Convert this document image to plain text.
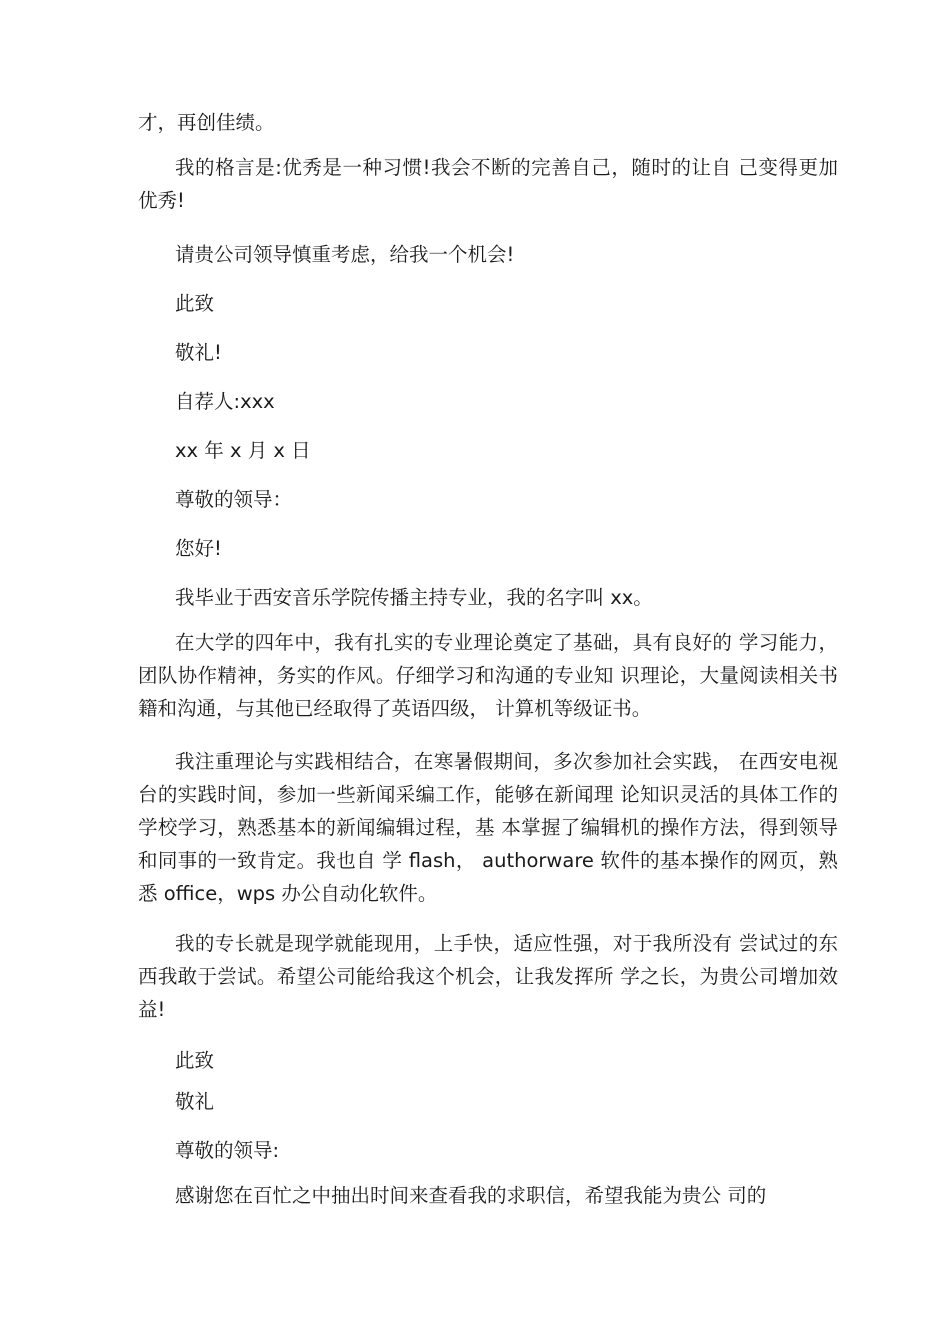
才，再创佳绩。

我的格言是:优秀是一种习惯!我会不断的完善自己，随时的让自 己变得更加优秀!

请贵公司领导慎重考虑，给我一个机会!

此致

敬礼!

自荐人:xxx

xx 年 x 月 x 日

尊敬的领导：

您好!

我毕业于西安音乐学院传播主持专业，我的名字叫 xx。

在大学的四年中，我有扎实的专业理论奠定了基础，具有良好的 学习能力，团队协作精神，务实的作风。仔细学习和沟通的专业知 识理论，大量阅读相关书籍和沟通，与其他已经取得了英语四级， 计算机等级证书。

我注重理论与实践相结合，在寒暑假期间，多次参加社会实践， 在西安电视台的实践时间，参加一些新闻采编工作，能够在新闻理 论知识灵活的具体工作的学校学习，熟悉基本的新闻编辑过程，基 本掌握了编辑机的操作方法，得到领导和同事的一致肯定。我也自 学 flash， authorware 软件的基本操作的网页，熟悉 office，wps 办公自动化软件。

我的专长就是现学就能现用，上手快，适应性强，对于我所没有 尝试过的东西我敢于尝试。希望公司能给我这个机会，让我发挥所 学之长，为贵公司增加效益!

此致

敬礼

尊敬的领导:

感谢您在百忙之中抽出时间来查看我的求职信，希望我能为贵公 司的
